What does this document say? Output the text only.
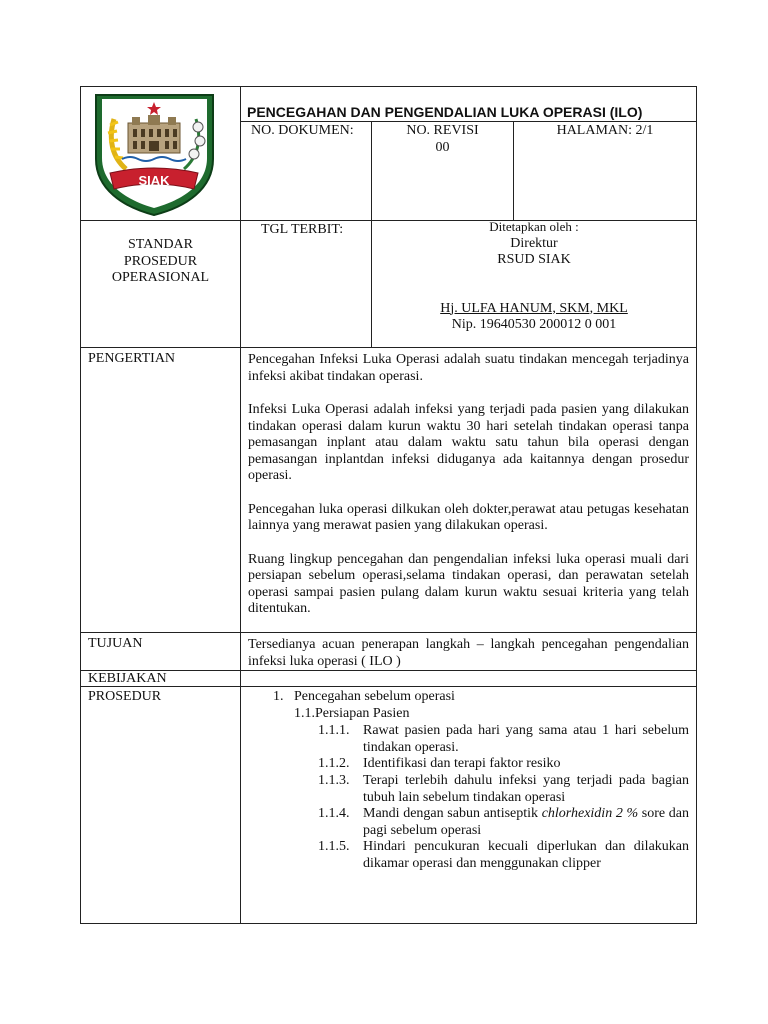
SIAK
سياك
PENCEGAHAN DAN PENGENDALIAN LUKA OPERASI (ILO)
NO. DOKUMEN:	NO. REVISI
00
HALAMAN: 2/1
STANDAR
PROSEDUR
OPERASIONAL
TGL TERBIT:	Ditetapkan oleh :
Direktur
RSUD SIAK
Hj. ULFA HANUM, SKM, MKL
Nip. 19640530 200012 0 001
PENGERTIAN	Pencegahan Infeksi Luka Operasi adalah suatu tindakan mencegah terjadinya infeksi akibat tindakan operasi.

Infeksi Luka Operasi adalah infeksi yang terjadi pada pasien yang dilakukan tindakan operasi dalam kurun waktu 30 hari setelah tindakan operasi tanpa pemasangan inplant atau dalam waktu satu tahun bila operasi dengan pemasangan inplantdan infeksi diduganya ada kaitannya dengan prosedur operasi.

Pencegahan luka operasi dilkukan oleh dokter,perawat atau petugas kesehatan lainnya yang merawat pasien yang dilakukan operasi.

Ruang lingkup pencegahan dan pengendalian infeksi luka operasi muali dari persiapan sebelum operasi,selama tindakan operasi, dan perawatan setelah operasi sampai pasien pulang dalam kurun waktu sesuai kriteria yang telah ditentukan.

TUJUAN	Tersedianya acuan penerapan langkah – langkah pencegahan pengendalian infeksi luka operasi ( ILO )

KEBIJAKAN
PROSEDUR	1. Pencegahan sebelum operasi
1.1.Persiapan Pasien
1.1.1. Rawat pasien pada hari yang sama atau 1 hari sebelum tindakan operasi.

1.1.2. Identifikasi dan terapi faktor resiko

1.1.3. Terapi terlebih dahulu infeksi yang terjadi pada bagian tubuh lain sebelum tindakan operasi

1.1.4. Mandi dengan sabun antiseptik chlorhexidin 2 % sore dan pagi sebelum operasi

1.1.5. Hindari pencukuran kecuali diperlukan dan dilakukan dikamar operasi dan menggunakan clipper
